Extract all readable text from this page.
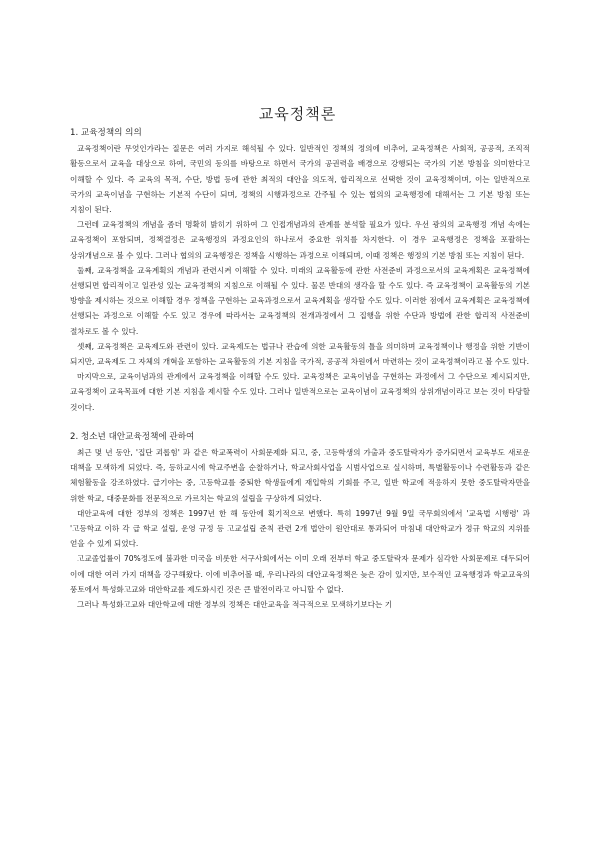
교육정책론

1. 교육정책의 의의

교육정책이란 무엇인가라는 질문은 여러 가지로 해석될 수 있다. 일반적인 정책의 정의에 비추어, 교육정책은 사회적, 공공적, 조직적 활동으로서 교육을 대상으로 하여, 국민의 동의를 바탕으로 하면서 국가의 공권력을 배경으로 강행되는 국가의 기본 방침을 의미한다고 이해할 수 있다. 즉 교육의 목적, 수단, 방법 등에 관한 최적의 대안을 의도적, 합리적으로 선택한 것이 교육정책이며, 이는 일반적으로 국가의 교육이념을 구현하는 기본적 수단이 되며, 정책의 시행과정으로 간주될 수 있는 협의의 교육행정에 대해서는 그 기본 방침 또는 지침이 된다.

그런데 교육정책의 개념을 좀더 명확히 밝히기 위하여 그 인접개념과의 관계를 분석할 필요가 있다. 우선 광의의 교육행정 개념 속에는 교육정책이 포함되며, 정책결정은 교육행정의 과정요인의 하나로서 중요한 위치를 차지한다. 이 경우 교육행정은 정책을 포괄하는 상위개념으로 볼 수 있다. 그러나 협의의 교육행정은 정책을 시행하는 과정으로 이해되며, 이때 정책은 행정의 기본 방침 또는 지침이 된다.

둘째, 교육정책을 교육계획의 개념과 관련시켜 이해할 수 있다. 미래의 교육활동에 관한 사전준비 과정으로서의 교육계획은 교육정책에 선행되면 합리적이고 일관성 있는 교육정책의 지침으로 이해될 수 있다. 물론 반대의 생각을 할 수도 있다. 즉 교육정책이 교육활동의 기본 방향을 제시하는 것으로 이해할 경우 정책을 구현하는 교육과정으로서 교육계획을 생각할 수도 있다. 이러한 점에서 교육계획은 교육정책에 선행되는 과정으로 이해할 수도 있고 경우에 따라서는 교육정책의 전개과정에서 그 집행을 위한 수단과 방법에 관한 합리적 사전준비 절차로도 볼 수 있다.

셋째, 교육정책은 교육제도와 관련이 있다. 교육제도는 법규나 관습에 의한 교육활동의 틀을 의미하며 교육정책이나 행정을 위한 기반이 되지만, 교육제도 그 자체의 개혁을 포함하는 교육활동의 기본 지침을 국가적, 공공적 차원에서 마련하는 것이 교육정책이라고 볼 수도 있다.

마지막으로, 교육이념과의 관계에서 교육정책을 이해할 수도 있다. 교육정책은 교육이념을 구현하는 과정에서 그 수단으로 제시되지만, 교육정책이 교육목표에 대한 기본 지침을 제시할 수도 있다. 그러나 일반적으로는 교육이념이 교육정책의 상위개념이라고 보는 것이 타당할 것이다.

2. 청소년 대안교육정책에 관하여

최근 몇 년 동안, '집단 괴롭힘' 과 같은 학교폭력이 사회문제화 되고, 중, 고등학생의 가출과 중도탈락자가 증가되면서 교육부도 새로운 대책을 모색하게 되었다. 즉, 등하교시에 학교주변을 순찰하거나, 학교사회사업을 시범사업으로 실시하며, 특별활동이나 수련활동과 같은 체험활동을 강조하였다. 급기야는 중, 고등학교를 중퇴한 학생들에게 재입학의 기회를 주고, 일반 학교에 적응하지 못한 중도탈락자만을 위한 학교, 대중문화를 전문적으로 가르치는 학교의 설립을 구상하게 되었다.

대안교육에 대한 정부의 정책은 1997년 한 해 동안에 획기적으로 변했다. 특히 1997년 9월 9일 국무회의에서 '교육법 시행령' 과 '고등학교 이하 각 급 학교 설립, 운영 규정 등 고교설립 준칙 관련 2개 법안이 원안대로 통과되어 마침내 대안학교가 정규 학교의 지위를 얻을 수 있게 되었다.

고교졸업률이 70%정도에 불과한 미국을 비롯한 서구사회에서는 이미 오래 전부터 학교 중도탈락자 문제가 심각한 사회문제로 대두되어 이에 대한 여러 가지 대책을 강구해왔다. 이에 비추어볼 때, 우리나라의 대안교육정책은 늦은 감이 있지만, 보수적인 교육행정과 학교교육의 풍토에서 특성화고교와 대안학교를 제도화시킨 것은 큰 발전이라고 아니할 수 없다.

그러나 특성화고교와 대안학교에 대한 정부의 정책은 대안교육을 적극적으로 모색하기보다는 기
